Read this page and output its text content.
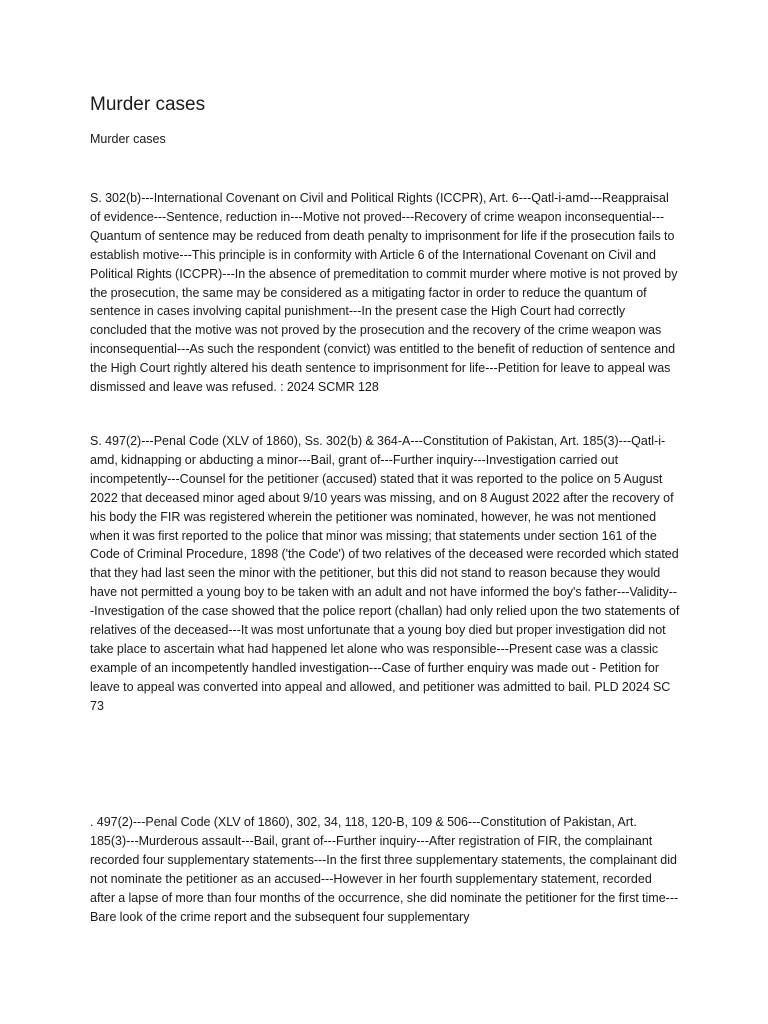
Murder cases
Murder cases
S. 302(b)---International Covenant on Civil and Political Rights (ICCPR), Art. 6---Qatl-i-amd---Reappraisal of evidence---Sentence, reduction in---Motive not proved---Recovery of crime weapon inconsequential---Quantum of sentence may be reduced from death penalty to imprisonment for life if the prosecution fails to establish motive---This principle is in conformity with Article 6 of the International Covenant on Civil and Political Rights (ICCPR)---In the absence of premeditation to commit murder where motive is not proved by the prosecution, the same may be considered as a mitigating factor in order to reduce the quantum of sentence in cases involving capital punishment---In the present case the High Court had correctly concluded that the motive was not proved by the prosecution and the recovery of the crime weapon was inconsequential---As such the respondent (convict) was entitled to the benefit of reduction of sentence and the High Court rightly altered his death sentence to imprisonment for life---Petition for leave to appeal was dismissed and leave was refused. : 2024 SCMR 128
S. 497(2)---Penal Code (XLV of 1860), Ss. 302(b) & 364-A---Constitution of Pakistan, Art. 185(3)---Qatl-i-amd, kidnapping or abducting a minor---Bail, grant of---Further inquiry---Investigation carried out incompetently---Counsel for the petitioner (accused) stated that it was reported to the police on 5 August 2022 that deceased minor aged about 9/10 years was missing, and on 8 August 2022 after the recovery of his body the FIR was registered wherein the petitioner was nominated, however, he was not mentioned when it was first reported to the police that minor was missing; that statements under section 161 of the Code of Criminal Procedure, 1898 ('the Code') of two relatives of the deceased were recorded which stated that they had last seen the minor with the petitioner, but this did not stand to reason because they would have not permitted a young boy to be taken with an adult and not have informed the boy's father---Validity---Investigation of the case showed that the police report (challan) had only relied upon the two statements of relatives of the deceased---It was most unfortunate that a young boy died but proper investigation did not take place to ascertain what had happened let alone who was responsible---Present case was a classic example of an incompetently handled investigation---Case of further enquiry was made out - Petition for leave to appeal was converted into appeal and allowed, and petitioner was admitted to bail. PLD 2024 SC 73
. 497(2)---Penal Code (XLV of 1860), 302, 34, 118, 120-B, 109 & 506---Constitution of Pakistan, Art. 185(3)---Murderous assault---Bail, grant of---Further inquiry---After registration of FIR, the complainant recorded four supplementary statements---In the first three supplementary statements, the complainant did not nominate the petitioner as an accused---However in her fourth supplementary statement, recorded after a lapse of more than four months of the occurrence, she did nominate the petitioner for the first time---Bare look of the crime report and the subsequent four supplementary
